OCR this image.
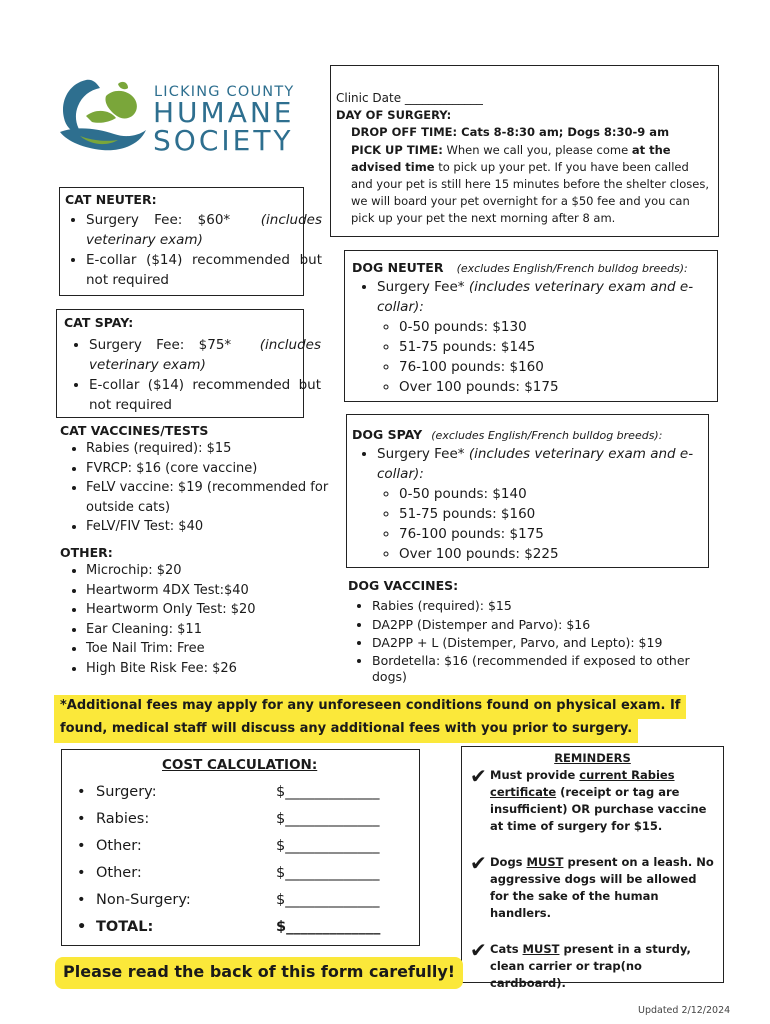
LICKING COUNTY
HUMANE
SOCIETY
Clinic Date _____________
DAY OF SURGERY:
DROP OFF TIME: Cats 8-8:30 am; Dogs 8:30-9 am
PICK UP TIME: When we call you, please come at the advised time to pick up your pet. If you have been called and your pet is still here 15 minutes before the shelter closes, we will board your pet overnight for a $50 fee and you can pick up your pet the next morning after 8 am.
CAT NEUTER:
• Surgery Fee: $60* (includes veterinary exam)
• E-collar ($14) recommended but not required
CAT SPAY:
• Surgery Fee: $75* (includes veterinary exam)
• E-collar ($14) recommended but not required
CAT VACCINES/TESTS
• Rabies (required): $15
• FVRCP: $16 (core vaccine)
• FeLV vaccine: $19 (recommended for outside cats)
• FeLV/FIV Test: $40
OTHER:
• Microchip: $20
• Heartworm 4DX Test:$40
• Heartworm Only Test: $20
• Ear Cleaning: $11
• Toe Nail Trim: Free
• High Bite Risk Fee: $26
DOG NEUTER (excludes English/French bulldog breeds):
• Surgery Fee* (includes veterinary exam and e-collar):
◦ 0-50 pounds: $130
◦ 51-75 pounds: $145
◦ 76-100 pounds: $160
◦ Over 100 pounds: $175
DOG SPAY (excludes English/French bulldog breeds):
• Surgery Fee* (includes veterinary exam and e-collar):
◦ 0-50 pounds: $140
◦ 51-75 pounds: $160
◦ 76-100 pounds: $175
◦ Over 100 pounds: $225
DOG VACCINES:
• Rabies (required): $15
• DA2PP (Distemper and Parvo): $16
• DA2PP + L (Distemper, Parvo, and Lepto): $19
• Bordetella: $16 (recommended if exposed to other dogs)
*Additional fees may apply for any unforeseen conditions found on physical exam. If
found, medical staff will discuss any additional fees with you prior to surgery.
COST CALCULATION:
• Surgery:	$_____________
• Rabies:	$_____________
• Other:	$_____________
• Other:	$_____________
• Non-Surgery:	$_____________
• TOTAL:	$_____________
REMINDERS
✔ Must provide current Rabies certificate (receipt or tag are insufficient) OR purchase vaccine at time of surgery for $15.
✔ Dogs MUST present on a leash. No aggressive dogs will be allowed for the sake of the human handlers.
✔ Cats MUST present in a sturdy, clean carrier or trap(no cardboard).
Please read the back of this form carefully!
Updated 2/12/2024
